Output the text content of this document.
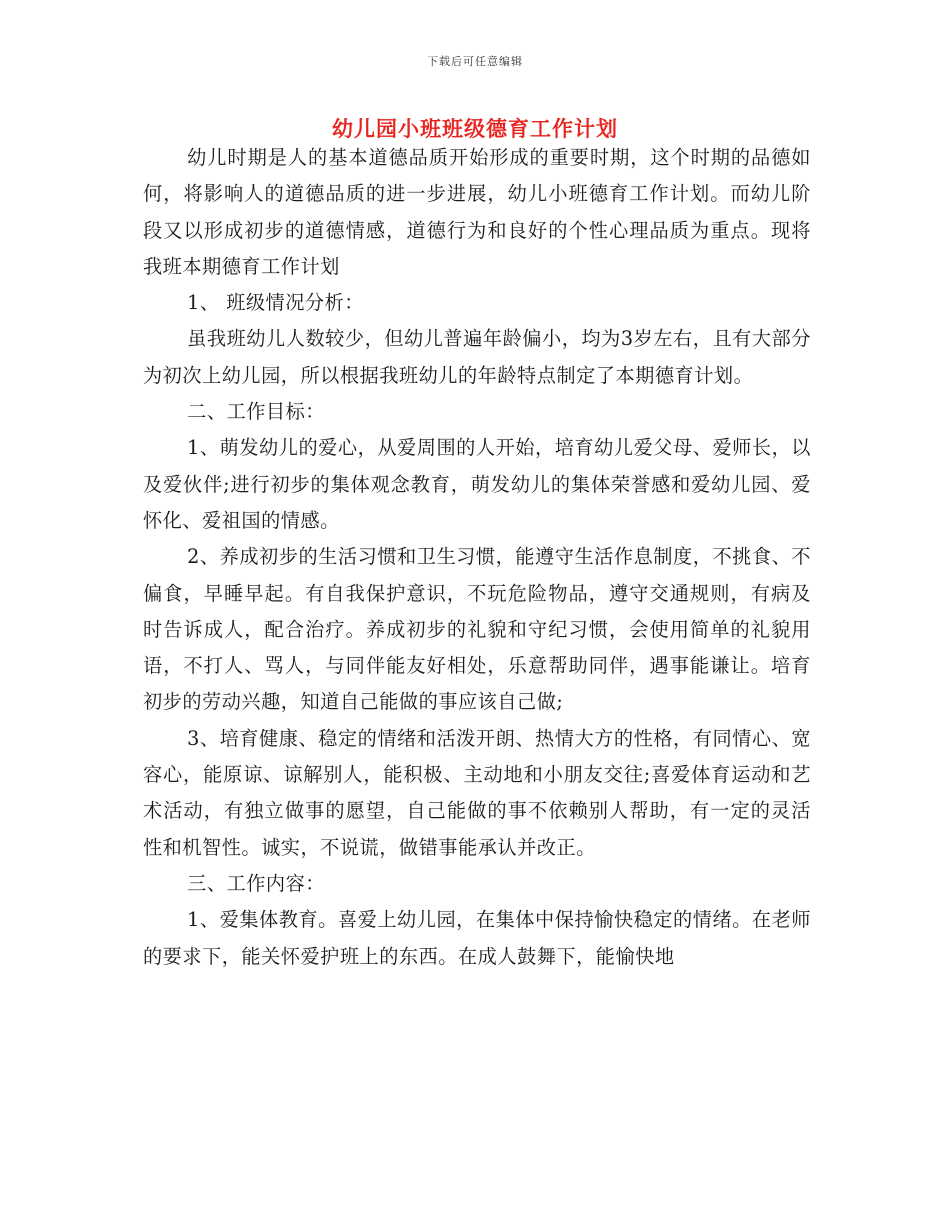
下载后可任意编辑
幼儿园小班班级德育工作计划

幼儿时期是人的基本道德品质开始形成的重要时期，这个时期的品德如何，将影响人的道德品质的进一步进展，幼儿小班德育工作计划。而幼儿阶段又以形成初步的道德情感，道德行为和良好的个性心理品质为重点。现将我班本期德育工作计划

1、 班级情况分析：

虽我班幼儿人数较少，但幼儿普遍年龄偏小，均为3岁左右，且有大部分为初次上幼儿园，所以根据我班幼儿的年龄特点制定了本期德育计划。

二、工作目标：

1、萌发幼儿的爱心，从爱周围的人开始，培育幼儿爱父母、爱师长，以及爱伙伴;进行初步的集体观念教育，萌发幼儿的集体荣誉感和爱幼儿园、爱怀化、爱祖国的情感。

2、养成初步的生活习惯和卫生习惯，能遵守生活作息制度，不挑食、不偏食，早睡早起。有自我保护意识，不玩危险物品，遵守交通规则，有病及时告诉成人，配合治疗。养成初步的礼貌和守纪习惯，会使用简单的礼貌用语，不打人、骂人，与同伴能友好相处，乐意帮助同伴，遇事能谦让。培育初步的劳动兴趣，知道自己能做的事应该自己做;

3、培育健康、稳定的情绪和活泼开朗、热情大方的性格，有同情心、宽容心，能原谅、谅解别人，能积极、主动地和小朋友交往;喜爱体育运动和艺术活动，有独立做事的愿望，自己能做的事不依赖别人帮助，有一定的灵活性和机智性。诚实，不说谎，做错事能承认并改正。

三、工作内容：

1、爱集体教育。喜爱上幼儿园，在集体中保持愉快稳定的情绪。在老师的要求下，能关怀爱护班上的东西。在成人鼓舞下，能愉快地
